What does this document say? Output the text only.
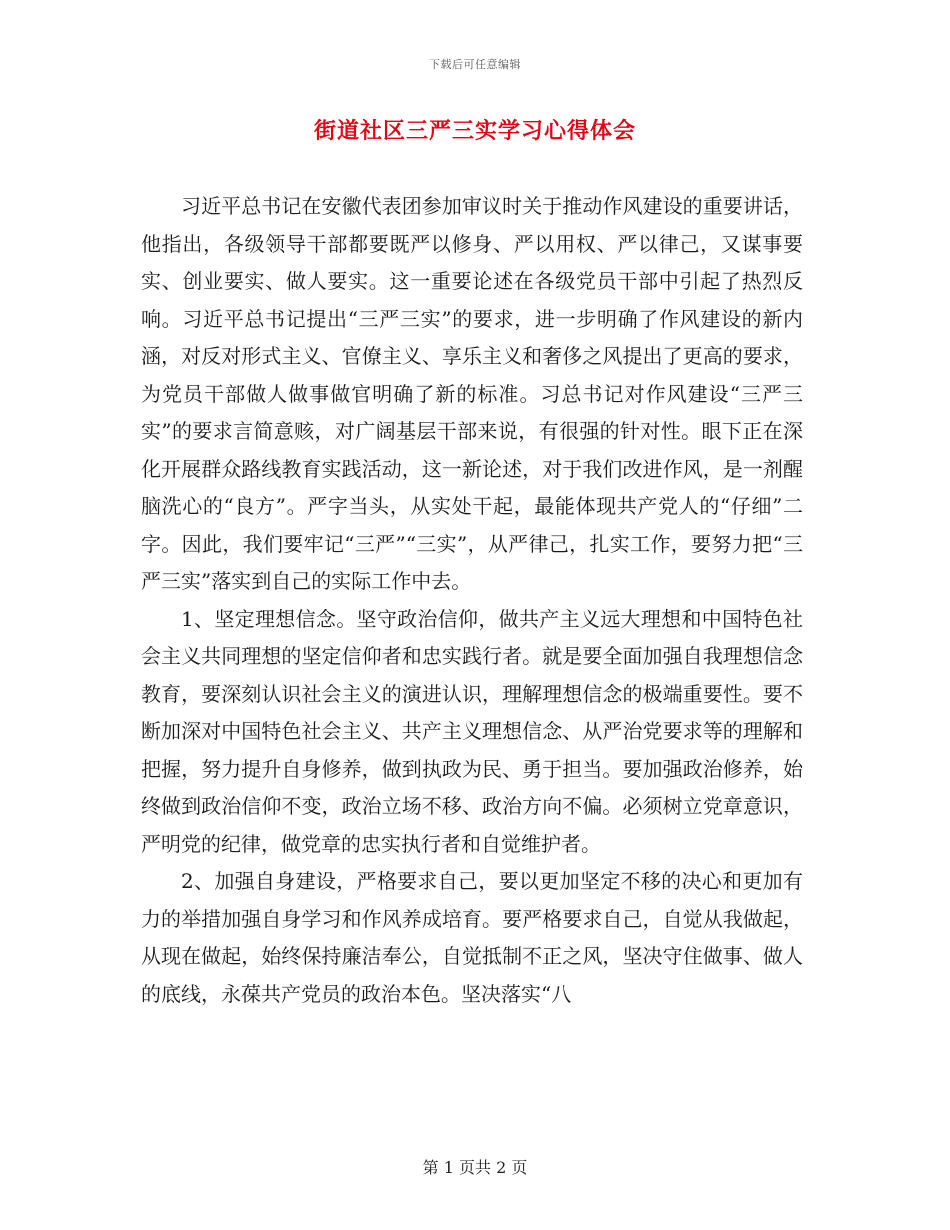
下载后可任意编辑
街道社区三严三实学习心得体会

习近平总书记在安徽代表团参加审议时关于推动作风建设的重要讲话，他指出，各级领导干部都要既严以修身、严以用权、严以律己，又谋事要实、创业要实、做人要实。这一重要论述在各级党员干部中引起了热烈反响。习近平总书记提出“三严三实”的要求，进一步明确了作风建设的新内涵，对反对形式主义、官僚主义、享乐主义和奢侈之风提出了更高的要求，为党员干部做人做事做官明确了新的标准。习总书记对作风建设“三严三实”的要求言简意赅，对广阔基层干部来说，有很强的针对性。眼下正在深化开展群众路线教育实践活动，这一新论述，对于我们改进作风，是一剂醒脑洗心的“良方”。严字当头，从实处干起，最能体现共产党人的“仔细”二字。因此，我们要牢记“三严”“三实”，从严律己，扎实工作，要努力把“三严三实”落实到自己的实际工作中去。

1、坚定理想信念。坚守政治信仰，做共产主义远大理想和中国特色社会主义共同理想的坚定信仰者和忠实践行者。就是要全面加强自我理想信念教育，要深刻认识社会主义的演进认识，理解理想信念的极端重要性。要不断加深对中国特色社会主义、共产主义理想信念、从严治党要求等的理解和把握，努力提升自身修养，做到执政为民、勇于担当。要加强政治修养，始终做到政治信仰不变，政治立场不移、政治方向不偏。必须树立党章意识，严明党的纪律，做党章的忠实执行者和自觉维护者。

2、加强自身建设，严格要求自己，要以更加坚定不移的决心和更加有力的举措加强自身学习和作风养成培育。要严格要求自己，自觉从我做起，从现在做起，始终保持廉洁奉公，自觉抵制不正之风，坚决守住做事、做人的底线，永葆共产党员的政治本色。坚决落实“八

第 1 页共 2 页
